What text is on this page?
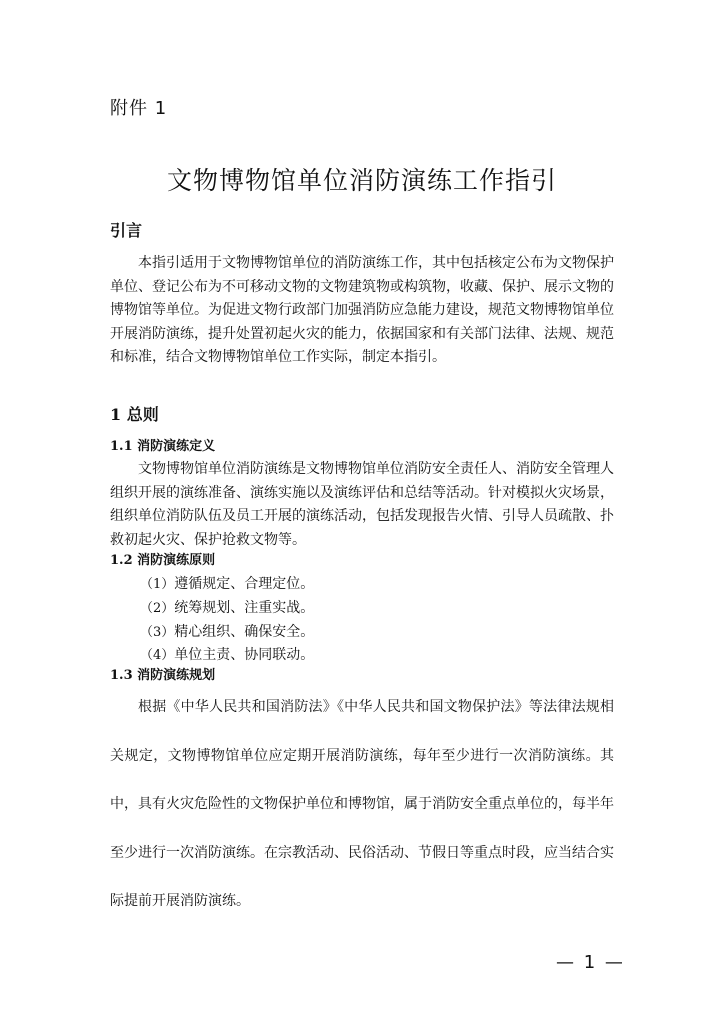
附件 1
文物博物馆单位消防演练工作指引
引言

本指引适用于文物博物馆单位的消防演练工作，其中包括核定公布为文物保护单位、登记公布为不可移动文物的文物建筑物或构筑物，收藏、保护、展示文物的博物馆等单位。为促进文物行政部门加强消防应急能力建设，规范文物博物馆单位开展消防演练，提升处置初起火灾的能力，依据国家和有关部门法律、法规、规范和标准，结合文物博物馆单位工作实际，制定本指引。

1 总则
1.1 消防演练定义

文物博物馆单位消防演练是文物博物馆单位消防安全责任人、消防安全管理人组织开展的演练准备、演练实施以及演练评估和总结等活动。针对模拟火灾场景，组织单位消防队伍及员工开展的演练活动，包括发现报告火情、引导人员疏散、扑救初起火灾、保护抢救文物等。

1.2 消防演练原则
（1）遵循规定、合理定位。
（2）统筹规划、注重实战。
（3）精心组织、确保安全。
（4）单位主责、协同联动。
1.3 消防演练规划

根据《中华人民共和国消防法》《中华人民共和国文物保护法》等法律法规相关规定，文物博物馆单位应定期开展消防演练，每年至少进行一次消防演练。其中，具有火灾危险性的文物保护单位和博物馆，属于消防安全重点单位的，每半年至少进行一次消防演练。在宗教活动、民俗活动、节假日等重点时段，应当结合实际提前开展消防演练。

— 1 —
